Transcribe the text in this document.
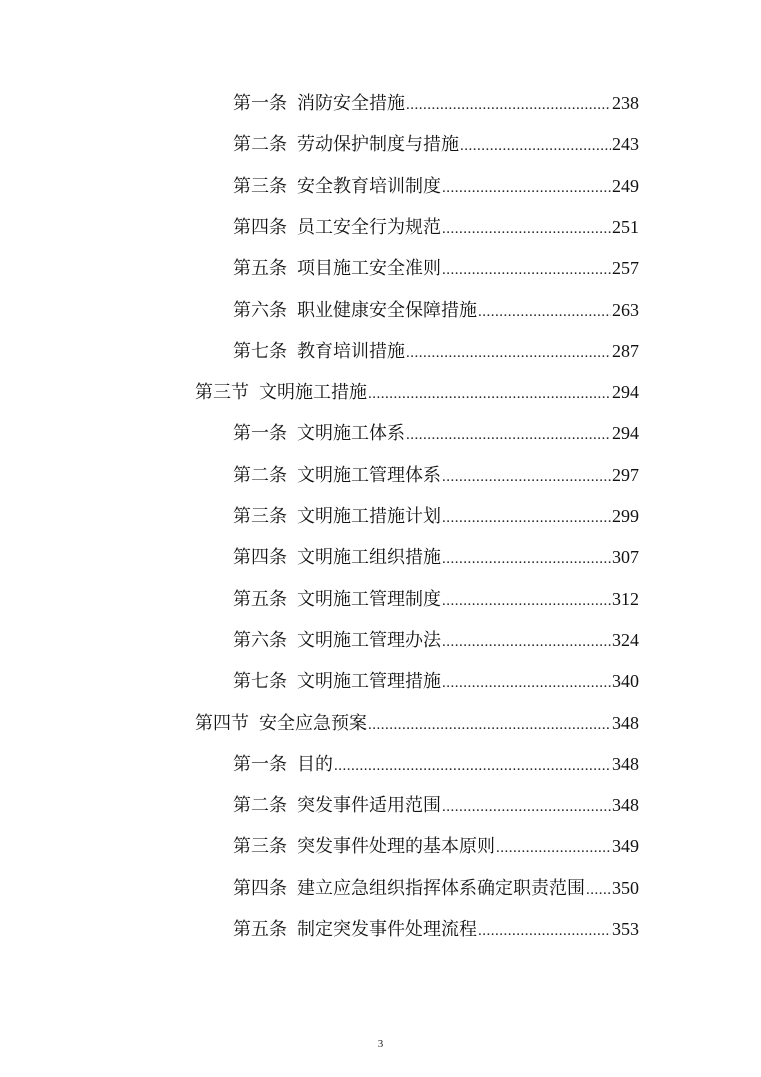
第一条 消防安全措施 .....	238
第二条 劳动保护制度与措施 .....	243
第三条 安全教育培训制度 .....	249
第四条 员工安全行为规范 .....	251
第五条 项目施工安全准则 .....	257
第六条 职业健康安全保障措施 .....	263
第七条 教育培训措施 .....	287
第三节 文明施工措施 .....	294
第一条 文明施工体系 .....	294
第二条 文明施工管理体系 .....	297
第三条 文明施工措施计划 .....	299
第四条 文明施工组织措施 .....	307
第五条 文明施工管理制度 .....	312
第六条 文明施工管理办法 .....	324
第七条 文明施工管理措施 .....	340
第四节 安全应急预案 .....	348
第一条 目的 .....	348
第二条 突发事件适用范围 .....	348
第三条 突发事件处理的基本原则 .....	349
第四条 建立应急组织指挥体系确定职责范围 ..... 350
第五条 制定突发事件处理流程 .....	353
3
